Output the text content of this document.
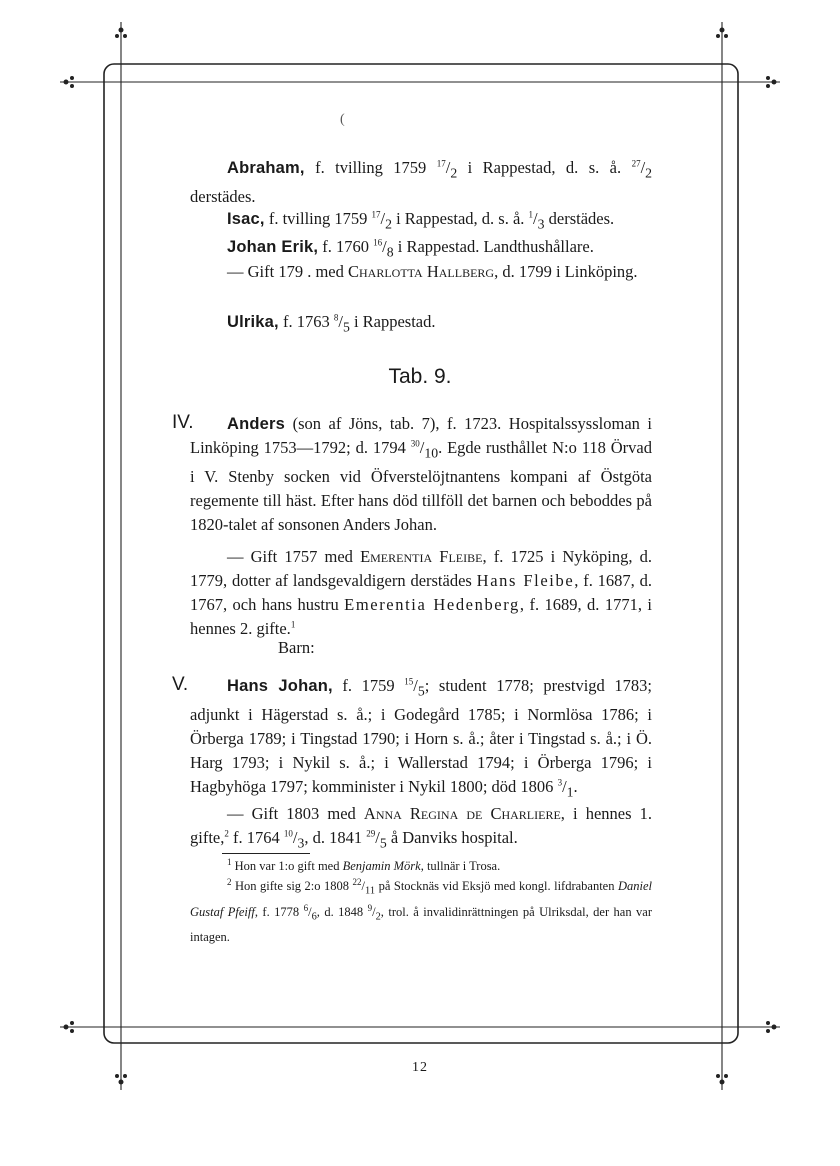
(
Abraham, f. tvilling 1759 $^{17}/_2$ i Rappestad, d. s. å. $^{27}/_2$ derstädes.
Isac, f. tvilling 1759 $^{17}/_2$ i Rappestad, d. s. å. $^1/_3$ derstädes.
Johan Erik, f. 1760 $^{16}/_8$ i Rappestad. Landthushållare.
— Gift 179 . med Charlotta Hallberg, d. 1799 i Linköping.
Ulrika, f. 1763 $^8/_5$ i Rappestad.
Tab. 9.
IV.	Anders (son af Jöns, tab. 7), f. 1723. Hospitalssyssloman i Linköping 1753—1792; d. 1794 $^{30}/_{10}$. Egde rusthållet N:o 118 Örvad i V. Stenby socken vid Öfverstelöjtnantens kompani af Östgöta regemente till häst. Efter hans död tillföll det barnen och beboddes på 1820-talet af sonsonen Anders Johan.
— Gift 1757 med Emerentia Fleibe, f. 1725 i Nyköping, d. 1779, dotter af landsgevaldigern derstädes Hans Fleibe, f. 1687, d. 1767, och hans hustru Emerentia Hedenberg, f. 1689, d. 1771, i hennes 2. gifte.$^1$
Barn:
V.	Hans Johan, f. 1759 $^{15}/_5$; student 1778; prestvigd 1783; adjunkt i Hägerstad s. å.; i Godegård 1785; i Normlösa 1786; i Örberga 1789; i Tingstad 1790; i Horn s. å.; åter i Tingstad s. å.; i Ö. Harg 1793; i Nykil s. å.; i Wallerstad 1794; i Örberga 1796; i Hagbyhöga 1797; komminister i Nykil 1800; död 1806 $^3/_1$.
— Gift 1803 med Anna Regina de Charliere, i hennes 1. gifte,$^2$ f. 1764 $^{10}/_3$, d. 1841 $^{29}/_5$ å Danviks hospital.
$^1$ Hon var 1:o gift med Benjamin Mörk, tullnär i Trosa.
$^2$ Hon gifte sig 2:o 1808 $^{22}/_{11}$ på Stocknäs vid Eksjö med kongl. lifdrabanten Daniel Gustaf Pfeiff, f. 1778 $^6/_6$, d. 1848 $^9/_2$, trol. å invalidinrättningen på Ulriksdal, der han var intagen.
12
